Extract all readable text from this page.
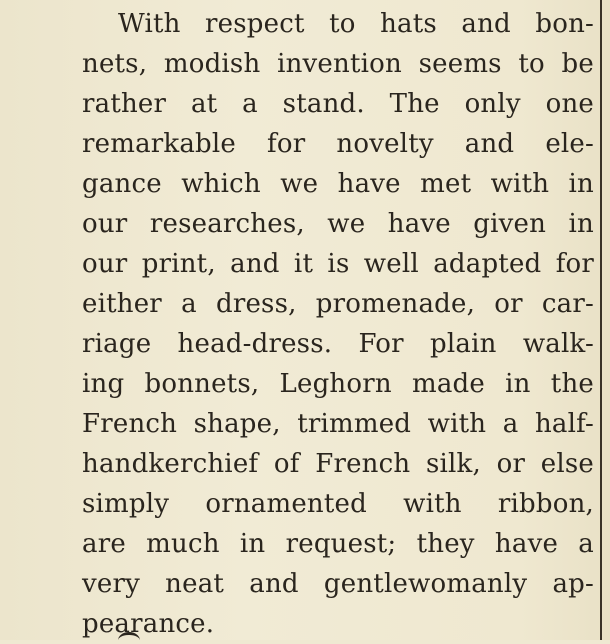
With respect to hats and bon-
nets, modish invention seems to be
rather at a stand. The only one
remarkable for novelty and ele-
gance which we have met with in
our researches, we have given in
our print, and it is well adapted for
either a dress, promenade, or car-
riage head-dress. For plain walk-
ing bonnets, Leghorn made in the
French shape, trimmed with a half-
handkerchief of French silk, or else
simply ornamented with ribbon,
are much in request; they have a
very neat and gentlewomanly ap-
pearance.
